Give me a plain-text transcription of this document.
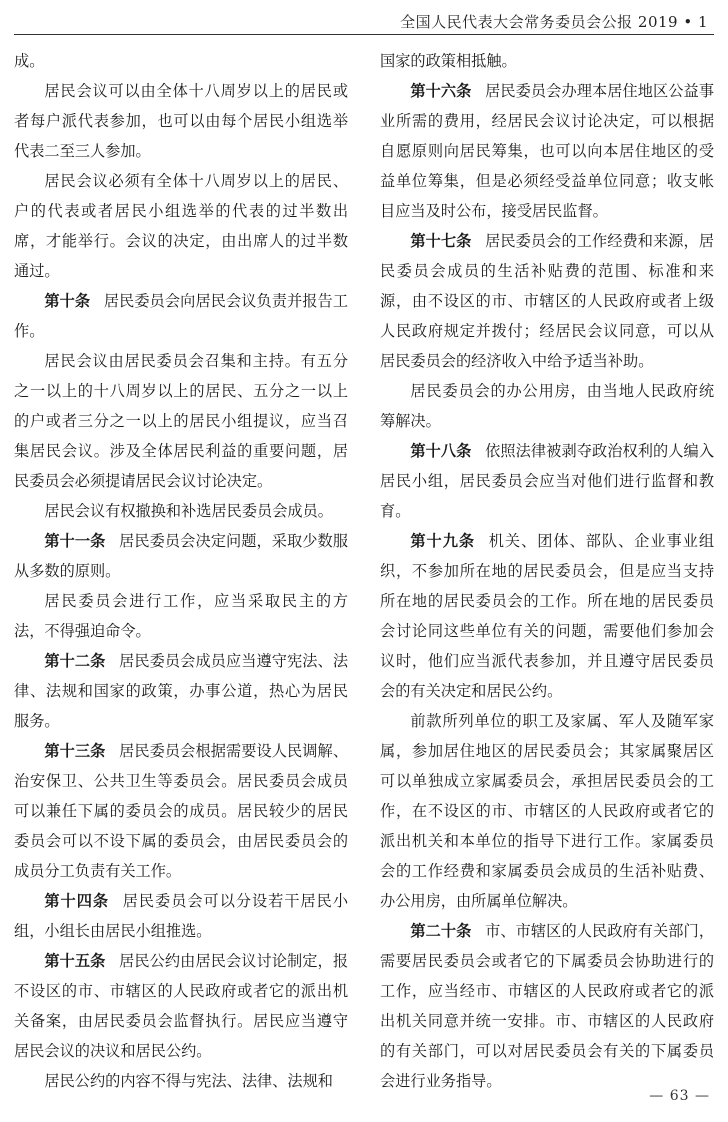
全国人民代表大会常务委员会公报 2019 • 1

成。

居民会议可以由全体十八周岁以上的居民或者每户派代表参加，也可以由每个居民小组选举代表二至三人参加。

居民会议必须有全体十八周岁以上的居民、户的代表或者居民小组选举的代表的过半数出席，才能举行。会议的决定，由出席人的过半数通过。

第十条 居民委员会向居民会议负责并报告工作。

居民会议由居民委员会召集和主持。有五分之一以上的十八周岁以上的居民、五分之一以上的户或者三分之一以上的居民小组提议，应当召集居民会议。涉及全体居民利益的重要问题，居民委员会必须提请居民会议讨论决定。

居民会议有权撤换和补选居民委员会成员。

第十一条 居民委员会决定问题，采取少数服从多数的原则。

居民委员会进行工作，应当采取民主的方法，不得强迫命令。

第十二条 居民委员会成员应当遵守宪法、法律、法规和国家的政策，办事公道，热心为居民服务。

第十三条 居民委员会根据需要设人民调解、治安保卫、公共卫生等委员会。居民委员会成员可以兼任下属的委员会的成员。居民较少的居民委员会可以不设下属的委员会，由居民委员会的成员分工负责有关工作。

第十四条 居民委员会可以分设若干居民小组，小组长由居民小组推选。

第十五条 居民公约由居民会议讨论制定，报不设区的市、市辖区的人民政府或者它的派出机关备案，由居民委员会监督执行。居民应当遵守居民会议的决议和居民公约。

居民公约的内容不得与宪法、法律、法规和

国家的政策相抵触。

第十六条 居民委员会办理本居住地区公益事业所需的费用，经居民会议讨论决定，可以根据自愿原则向居民筹集，也可以向本居住地区的受益单位筹集，但是必须经受益单位同意；收支帐目应当及时公布，接受居民监督。

第十七条 居民委员会的工作经费和来源，居民委员会成员的生活补贴费的范围、标准和来源，由不设区的市、市辖区的人民政府或者上级人民政府规定并拨付；经居民会议同意，可以从居民委员会的经济收入中给予适当补助。

居民委员会的办公用房，由当地人民政府统筹解决。

第十八条 依照法律被剥夺政治权利的人编入居民小组，居民委员会应当对他们进行监督和教育。

第十九条 机关、团体、部队、企业事业组织，不参加所在地的居民委员会，但是应当支持所在地的居民委员会的工作。所在地的居民委员会讨论同这些单位有关的问题，需要他们参加会议时，他们应当派代表参加，并且遵守居民委员会的有关决定和居民公约。

前款所列单位的职工及家属、军人及随军家属，参加居住地区的居民委员会；其家属聚居区可以单独成立家属委员会，承担居民委员会的工作，在不设区的市、市辖区的人民政府或者它的派出机关和本单位的指导下进行工作。家属委员会的工作经费和家属委员会成员的生活补贴费、办公用房，由所属单位解决。

第二十条 市、市辖区的人民政府有关部门，需要居民委员会或者它的下属委员会协助进行的工作，应当经市、市辖区的人民政府或者它的派出机关同意并统一安排。市、市辖区的人民政府的有关部门，可以对居民委员会有关的下属委员会进行业务指导。

— 63 —
